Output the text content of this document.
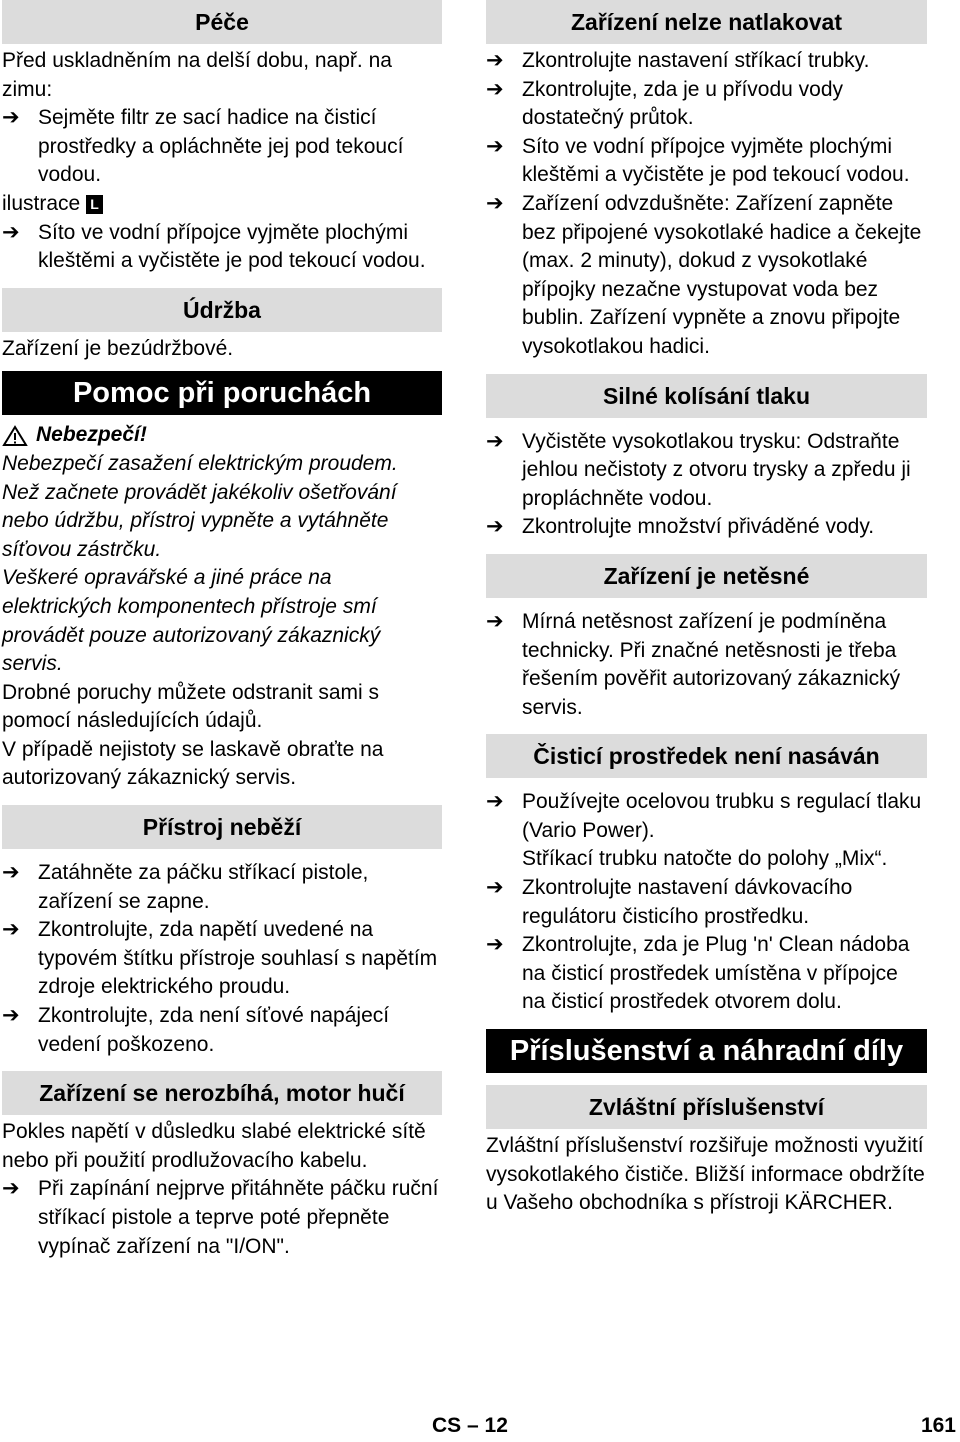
Péče

Před uskladněním na delší dobu, např. na zimu:

➔ Sejměte filtr ze sací hadice na čisticí prostředky a opláchněte jej pod tekoucí vodou.

ilustrace L

➔ Síto ve vodní přípojce vyjměte plochými kleštěmi a vyčistěte je pod tekoucí vodou.
Údržba

Zařízení je bezúdržbové.

Pomoc při poruchách
Nebezpečí!

Nebezpečí zasažení elektrickým proudem.

Než začnete provádět jakékoliv ošetřování nebo údržbu, přístroj vypněte a vytáhněte síťovou zástrčku.

Veškeré opravářské a jiné práce na elektrických komponentech přístroje smí provádět pouze autorizovaný zákaznický servis.

Drobné poruchy můžete odstranit sami s pomocí následujících údajů.

V případě nejistoty se laskavě obraťte na autorizovaný zákaznický servis.

Přístroj neběží
➔ Zatáhněte za páčku stříkací pistole, zařízení se zapne.
➔ Zkontrolujte, zda napětí uvedené na typovém štítku přístroje souhlasí s napětím zdroje elektrického proudu.
➔ Zkontrolujte, zda není síťové napájecí vedení poškozeno.
Zařízení se nerozbíhá, motor hučí

Pokles napětí v důsledku slabé elektrické sítě nebo při použití prodlužovacího kabelu.

➔ Při zapínání nejprve přitáhněte páčku ruční stříkací pistole a teprve poté přepněte vypínač zařízení na "I/ON".
Zařízení nelze natlakovat
➔ Zkontrolujte nastavení stříkací trubky.
➔ Zkontrolujte, zda je u přívodu vody dostatečný průtok.
➔ Síto ve vodní přípojce vyjměte plochými kleštěmi a vyčistěte je pod tekoucí vodou.
➔ Zařízení odvzdušněte: Zařízení zapněte bez připojené vysokotlaké hadice a čekejte (max. 2 minuty), dokud z vysokotlaké přípojky nezačne vystupovat voda bez bublin. Zařízení vypněte a znovu připojte vysokotlakou hadici.
Silné kolísání tlaku
➔ Vyčistěte vysokotlakou trysku: Odstraňte jehlou nečistoty z otvoru trysky a zpředu ji propláchněte vodou.
➔ Zkontrolujte množství přiváděné vody.
Zařízení je netěsné
➔ Mírná netěsnost zařízení je podmíněna technicky. Při značné netěsnosti je třeba řešením pověřit autorizovaný zákaznický servis.
Čisticí prostředek není nasáván
➔ Používejte ocelovou trubku s regulací tlaku (Vario Power).

Stříkací trubku natočte do polohy „Mix“.

➔ Zkontrolujte nastavení dávkovacího regulátoru čisticího prostředku.
➔ Zkontrolujte, zda je Plug 'n' Clean nádoba na čisticí prostředek umístěna v přípojce na čisticí prostředek otvorem dolu.
Příslušenství a náhradní díly
Zvláštní příslušenství

Zvláštní příslušenství rozšiřuje možnosti využití vysokotlakého čističe. Bližší informace obdržíte u Vašeho obchodníka s přístroji KÄRCHER.

CS – 12	161
